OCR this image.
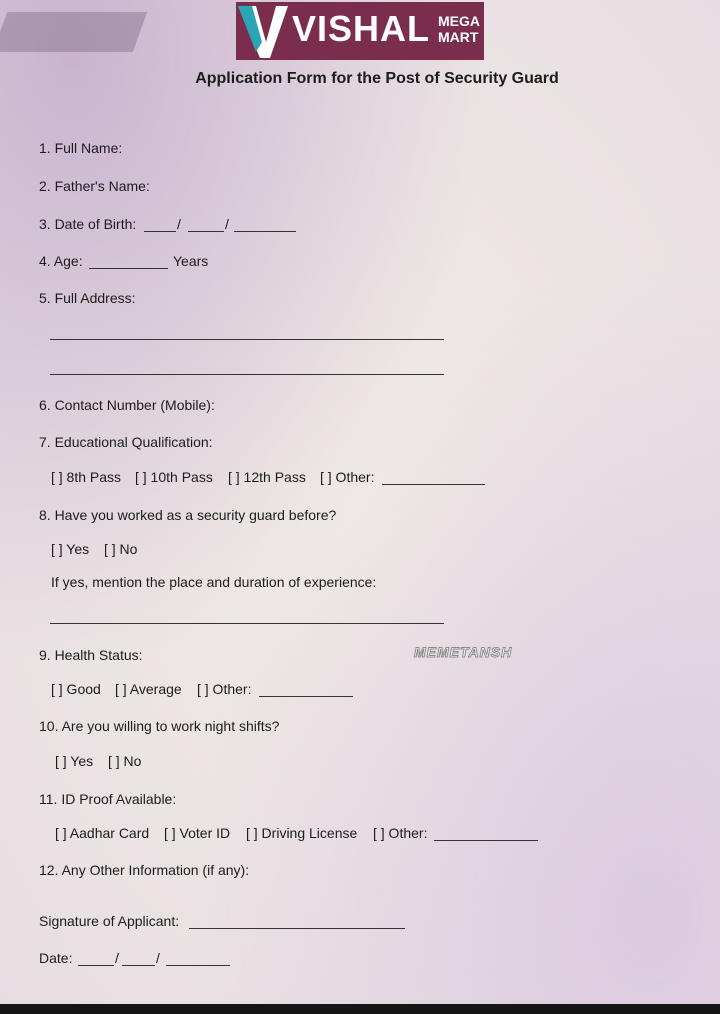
VISHAL MEGA
MART
Application Form for the Post of Security Guard
1. Full Name:
2. Father's Name:
3. Date of Birth:	/	/
4. Age:	Years
5. Full Address:
6. Contact Number (Mobile):
7. Educational Qualification:
[ ] 8th Pass [ ] 10th Pass [ ] 12th Pass [ ] Other:
8. Have you worked as a security guard before?
[ ] Yes [ ] No
If yes, mention the place and duration of experience:
9. Health Status:
[ ] Good [ ] Average [ ] Other:
10. Are you willing to work night shifts?
[ ] Yes [ ] No
11. ID Proof Available:
[ ] Aadhar Card [ ] Voter ID [ ] Driving License [ ] Other:
12. Any Other Information (if any):
Signature of Applicant:
Date:	/	/
MEMETANSH
